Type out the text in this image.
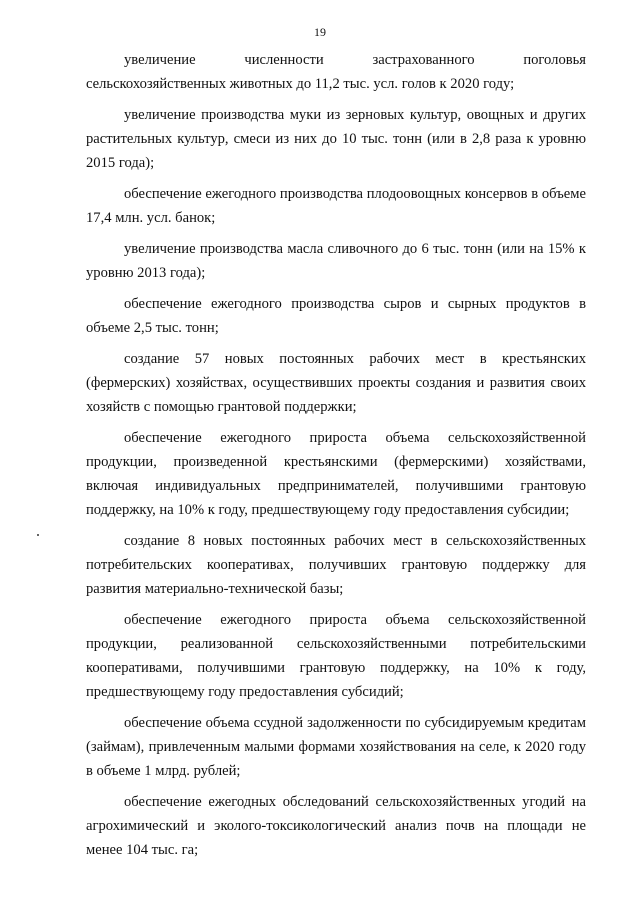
19

увеличение численности застрахованного поголовья сельскохозяйственных животных до 11,2 тыс. усл. голов к 2020 году;

увеличение производства муки из зерновых культур, овощных и других растительных культур, смеси из них до 10 тыс. тонн (или в 2,8 раза к уровню 2015 года);

обеспечение ежегодного производства плодоовощных консервов в объеме 17,4 млн. усл. банок;

увеличение производства масла сливочного до 6 тыс. тонн (или на 15% к уровню 2013 года);

обеспечение ежегодного производства сыров и сырных продуктов в объеме 2,5 тыс. тонн;

создание 57 новых постоянных рабочих мест в крестьянских (фермерских) хозяйствах, осуществивших проекты создания и развития своих хозяйств с помощью грантовой поддержки;

обеспечение ежегодного прироста объема сельскохозяйственной продукции, произведенной крестьянскими (фермерскими) хозяйствами, включая индивидуальных предпринимателей, получившими грантовую поддержку, на 10% к году, предшествующему году предоставления субсидии;

создание 8 новых постоянных рабочих мест в сельскохозяйственных потребительских кооперативах, получивших грантовую поддержку для развития материально-технической базы;

обеспечение ежегодного прироста объема сельскохозяйственной продукции, реализованной сельскохозяйственными потребительскими кооперативами, получившими грантовую поддержку, на 10% к году, предшествующему году предоставления субсидий;

обеспечение объема ссудной задолженности по субсидируемым кредитам (займам), привлеченным малыми формами хозяйствования на селе, к 2020 году в объеме 1 млрд. рублей;

обеспечение ежегодных обследований сельскохозяйственных угодий на агрохимический и эколого-токсикологический анализ почв на площади не менее 104 тыс. га;
